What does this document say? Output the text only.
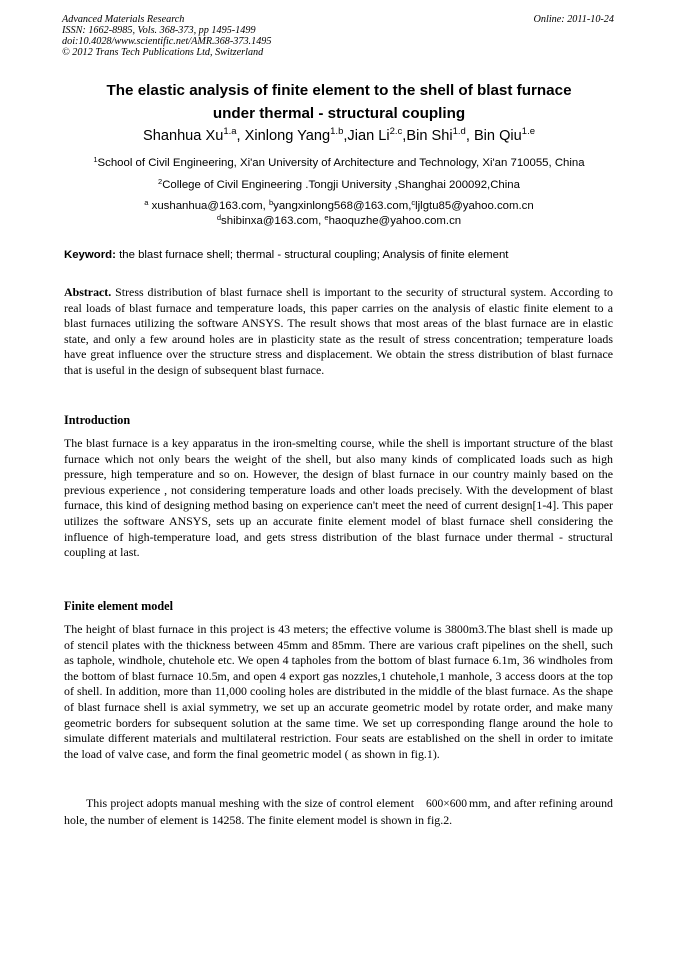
Advanced Materials Research
ISSN: 1662-8985, Vols. 368-373, pp 1495-1499
doi:10.4028/www.scientific.net/AMR.368-373.1495
© 2012 Trans Tech Publications Ltd, Switzerland
Online: 2011-10-24
The elastic analysis of finite element to the shell of blast furnace
under thermal - structural coupling
Shanhua $Xu^{1.a}$, Xinlong Yang$^{1.b}$,Jian $Li^{2.c},Bin$ Shi$^{1.d}$, Bin Qiu$^{1.e}$
$^1$School of Civil Engineering, Xi'an University of Architecture and Technology, Xi'an 710055, China
$^2$College of Civil Engineering .Tongji University ,Shanghai 200092,China
$^a$ xushanhua@163.com, $^b$yangxinlong568@163.com,$^c$ljlgtu85@yahoo.com.cn
$^d$shibinxa@163.com, $^e$haoquzhe@yahoo.com.cn
Keyword: the blast furnace shell; thermal - structural coupling; Analysis of finite element
Abstract. Stress distribution of blast furnace shell is important to the security of structural system. According to real loads of blast furnace and temperature loads, this paper carries on the analysis of elastic finite element to a blast furnaces utilizing the software ANSYS. The result shows that most areas of the blast furnace are in elastic state, and only a few around holes are in plasticity state as the result of stress concentration; temperature loads have great influence over the structure stress and displacement. We obtain the stress distribution of blast furnace that is useful in the design of subsequent blast furnace.
Introduction
The blast furnace is a key apparatus in the iron-smelting course, while the shell is important structure of the blast furnace which not only bears the weight of the shell, but also many kinds of complicated loads such as high pressure, high temperature and so on. However, the design of blast furnace in our country mainly based on the previous experience , not considering temperature loads and other loads precisely. With the development of blast furnace, this kind of designing method basing on experience can't meet the need of current design[1-4]. This paper utilizes the software ANSYS, sets up an accurate finite element model of blast furnace shell considering the influence of high-temperature load, and gets stress distribution of the blast furnace under thermal - structural coupling at last.
Finite element model
The height of blast furnace in this project is 43 meters; the effective volume is 3800m3.The blast shell is made up of stencil plates with the thickness between 45mm and 85mm. There are various craft pipelines on the shell, such as taphole, windhole, chutehole etc. We open 4 tapholes from the bottom of blast furnace 6.1m, 36 windholes from the bottom of blast furnace 10.5m, and open 4 export gas nozzles,1 chutehole,1 manhole, 3 access doors at the top of shell. In addition, more than 11,000 cooling holes are distributed in the middle of the blast furnace. As the shape of blast furnace shell is axial symmetry, we set up an accurate geometric model by rotate order, and make many geometric borders for subsequent solution at the same time. We set up corresponding flange around the hole to simulate different materials and multilateral restriction. Four seats are established on the shell in order to imitate the load of valve case, and form the final geometric model ( as shown in fig.1).
This project adopts manual meshing with the size of control element 600×600 mm, and after refining around hole, the number of element is 14258. The finite element model is shown in fig.2.
